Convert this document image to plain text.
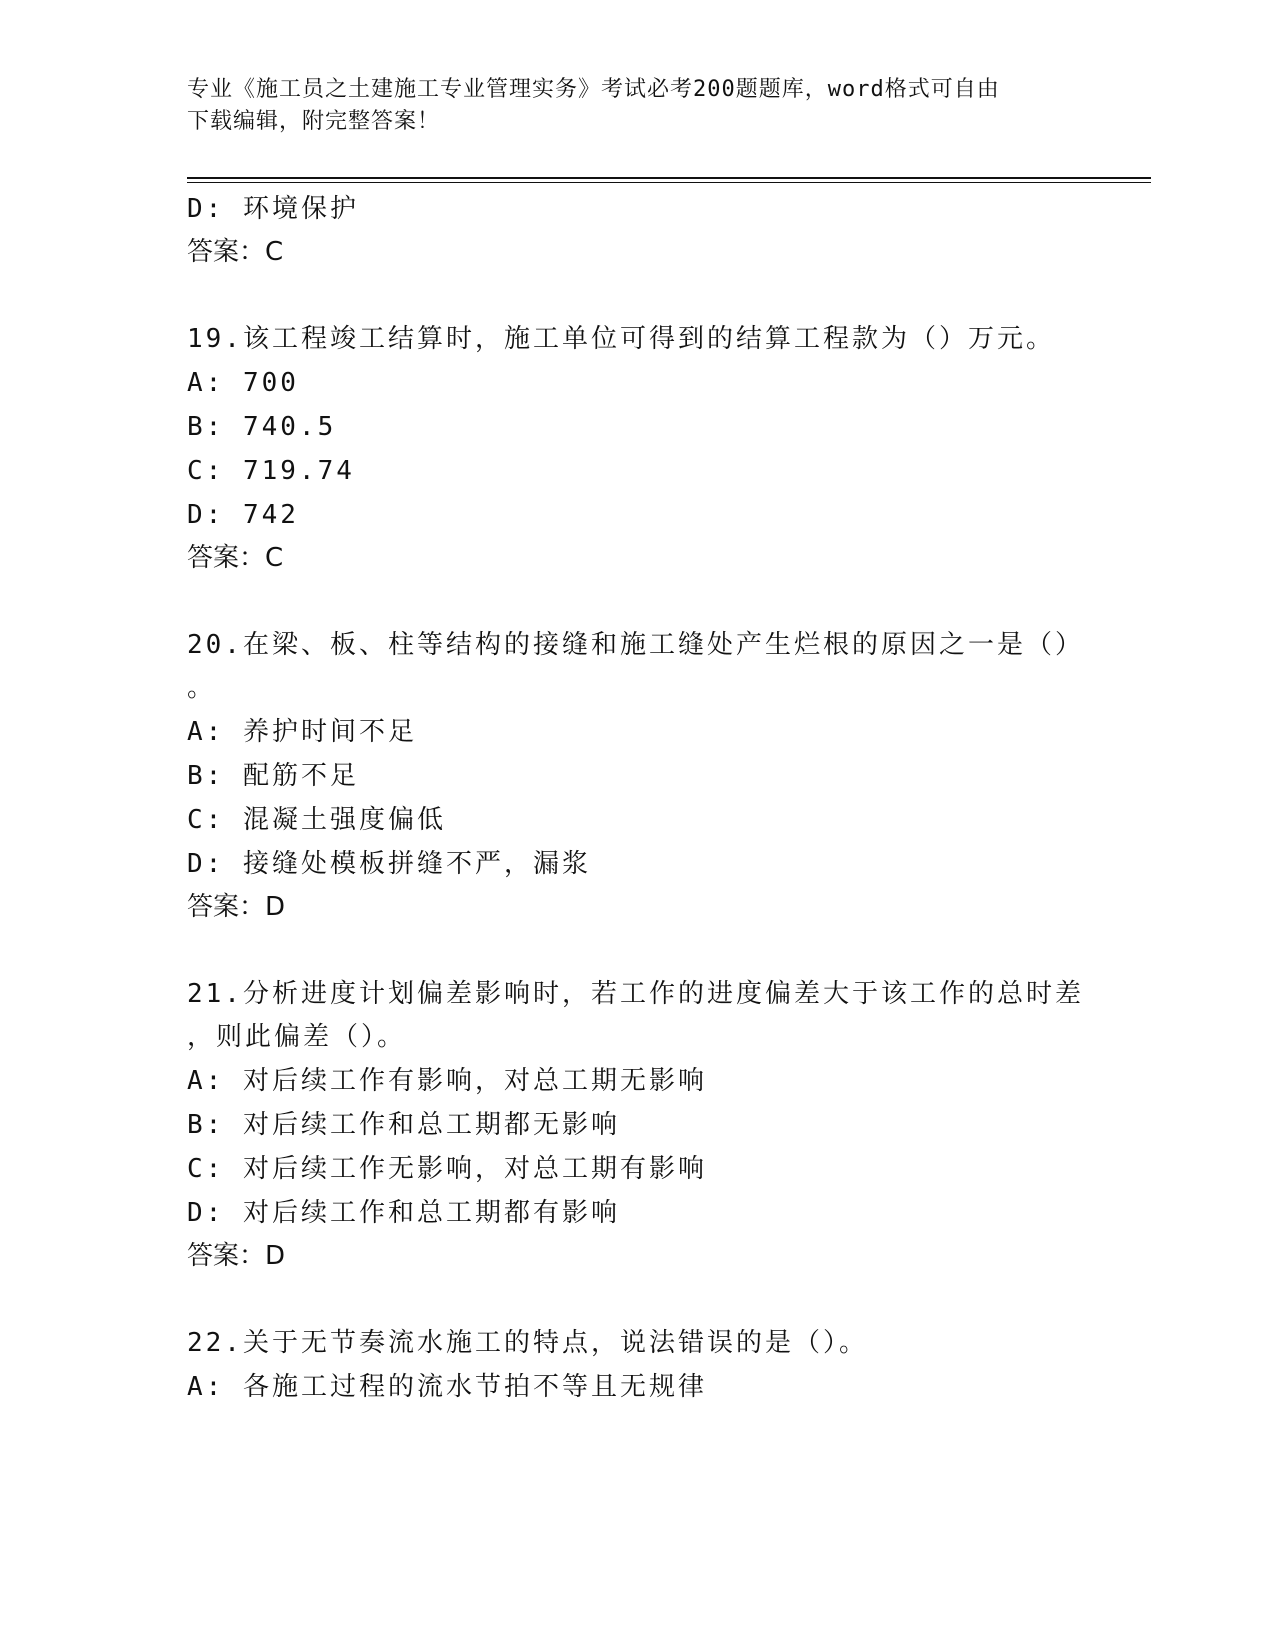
专业《施工员之土建施工专业管理实务》考试必考200题题库，word格式可自由
下载编辑，附完整答案！
D: 环境保护
答案：C
19.该工程竣工结算时，施工单位可得到的结算工程款为（）万元。
A: 700
B: 740.5
C: 719.74
D: 742
答案：C
20.在梁、板、柱等结构的接缝和施工缝处产生烂根的原因之一是（）
。
A: 养护时间不足
B: 配筋不足
C: 混凝土强度偏低
D: 接缝处模板拼缝不严，漏浆
答案：D
21.分析进度计划偏差影响时，若工作的进度偏差大于该工作的总时差
，则此偏差（）。
A: 对后续工作有影响，对总工期无影响
B: 对后续工作和总工期都无影响
C: 对后续工作无影响，对总工期有影响
D: 对后续工作和总工期都有影响
答案：D
22.关于无节奏流水施工的特点，说法错误的是（）。
A: 各施工过程的流水节拍不等且无规律
